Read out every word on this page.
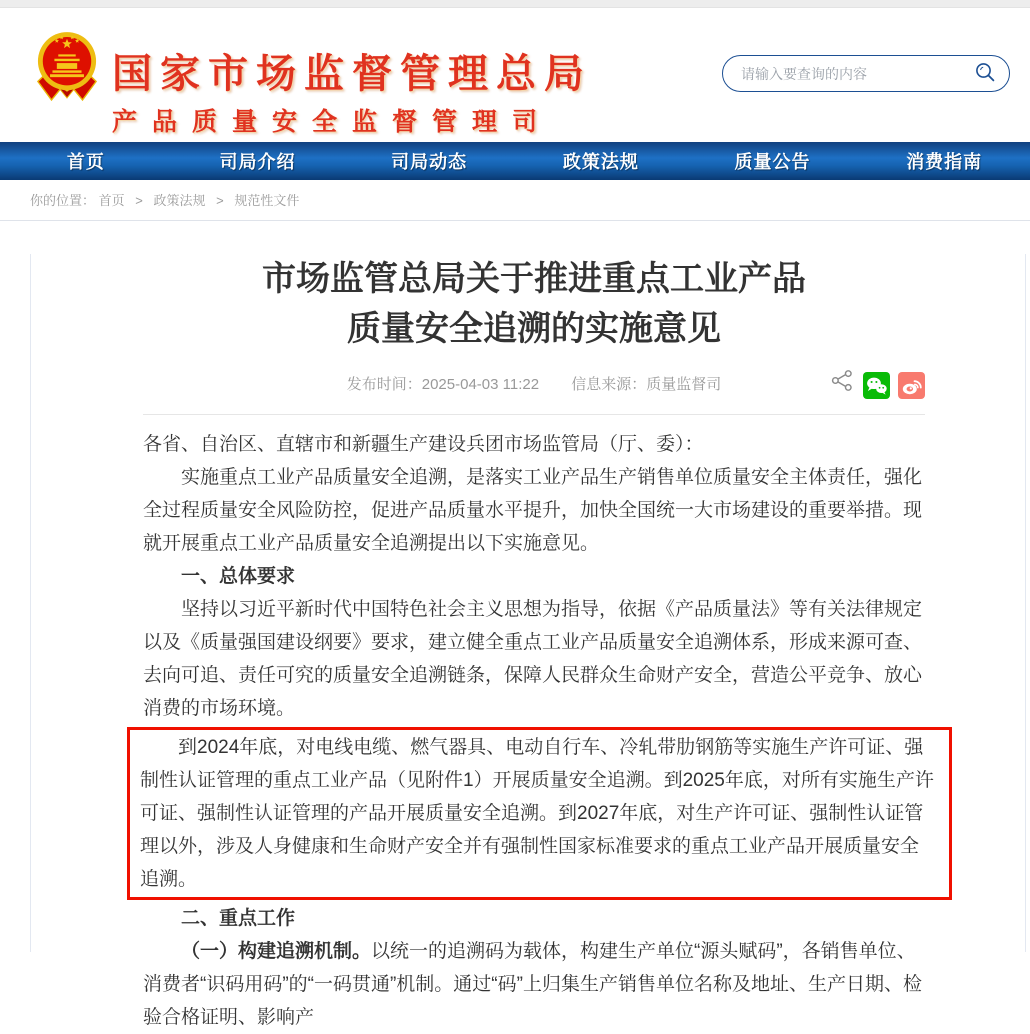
国家市场监督管理总局
产品质量安全监督管理司
请输入要查询的内容
首页	司局介绍	司局动态	政策法规	质量公告	消费指南
你的位置： 首页 > 政策法规 > 规范性文件
市场监管总局关于推进重点工业产品
质量安全追溯的实施意见
发布时间：2025-04-03 11:22 信息来源：质量监督司

各省、自治区、直辖市和新疆生产建设兵团市场监管局（厅、委）：

实施重点工业产品质量安全追溯，是落实工业产品生产销售单位质量安全主体责任，强化全过程质量安全风险防控，促进产品质量水平提升，加快全国统一大市场建设的重要举措。现就开展重点工业产品质量安全追溯提出以下实施意见。

一、总体要求

坚持以习近平新时代中国特色社会主义思想为指导，依据《产品质量法》等有关法律规定以及《质量强国建设纲要》要求，建立健全重点工业产品质量安全追溯体系，形成来源可查、去向可追、责任可究的质量安全追溯链条，保障人民群众生命财产安全，营造公平竞争、放心消费的市场环境。

到2024年底，对电线电缆、燃气器具、电动自行车、冷轧带肋钢筋等实施生产许可证、强制性认证管理的重点工业产品（见附件1）开展质量安全追溯。到2025年底，对所有实施生产许可证、强制性认证管理的产品开展质量安全追溯。到2027年底，对生产许可证、强制性认证管理以外，涉及人身健康和生命财产安全并有强制性国家标准要求的重点工业产品开展质量安全追溯。

二、重点工作

（一）构建追溯机制。以统一的追溯码为载体，构建生产单位“源头赋码”，各销售单位、消费者“识码用码”的“一码贯通”机制。通过“码”上归集生产销售单位名称及地址、生产日期、检验合格证明、影响产
